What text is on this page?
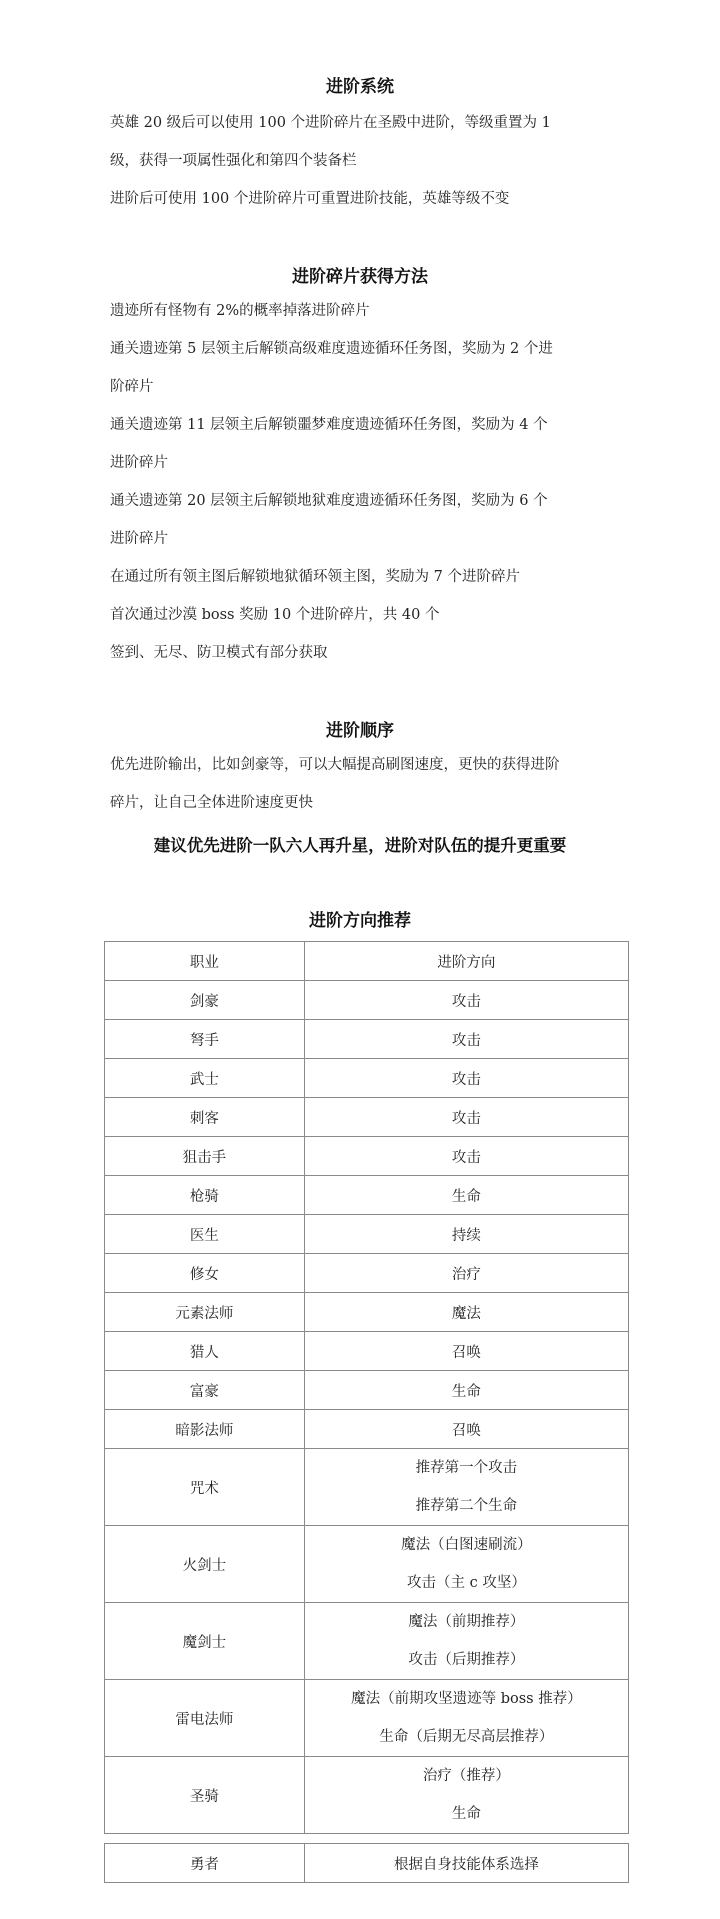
进阶系统

英雄 20 级后可以使用 100 个进阶碎片在圣殿中进阶，等级重置为 1

级，获得一项属性强化和第四个装备栏

进阶后可使用 100 个进阶碎片可重置进阶技能，英雄等级不变

进阶碎片获得方法

遗迹所有怪物有 2%的概率掉落进阶碎片

通关遗迹第 5 层领主后解锁高级难度遗迹循环任务图，奖励为 2 个进

阶碎片

通关遗迹第 11 层领主后解锁噩梦难度遗迹循环任务图，奖励为 4 个

进阶碎片

通关遗迹第 20 层领主后解锁地狱难度遗迹循环任务图，奖励为 6 个

进阶碎片

在通过所有领主图后解锁地狱循环领主图，奖励为 7 个进阶碎片

首次通过沙漠 boss 奖励 10 个进阶碎片，共 40 个

签到、无尽、防卫模式有部分获取

进阶顺序

优先进阶输出，比如剑豪等，可以大幅提高刷图速度，更快的获得进阶

碎片，让自己全体进阶速度更快

建议优先进阶一队六人再升星，进阶对队伍的提升更重要

进阶方向推荐
职业	进阶方向
剑豪	攻击
弩手	攻击
武士	攻击
刺客	攻击
狙击手	攻击
枪骑	生命
医生	持续
修女	治疗
元素法师	魔法
猎人	召唤
富豪	生命
暗影法师	召唤
咒术	推荐第一个攻击
推荐第二个生命

火剑士	魔法（白图速刷流）
攻击（主 c 攻坚）

魔剑士	魔法（前期推荐）
攻击（后期推荐）

雷电法师	魔法（前期攻坚遗迹等 boss 推荐）
生命（后期无尽高层推荐）

圣骑	治疗（推荐）
生命
勇者	根据自身技能体系选择
